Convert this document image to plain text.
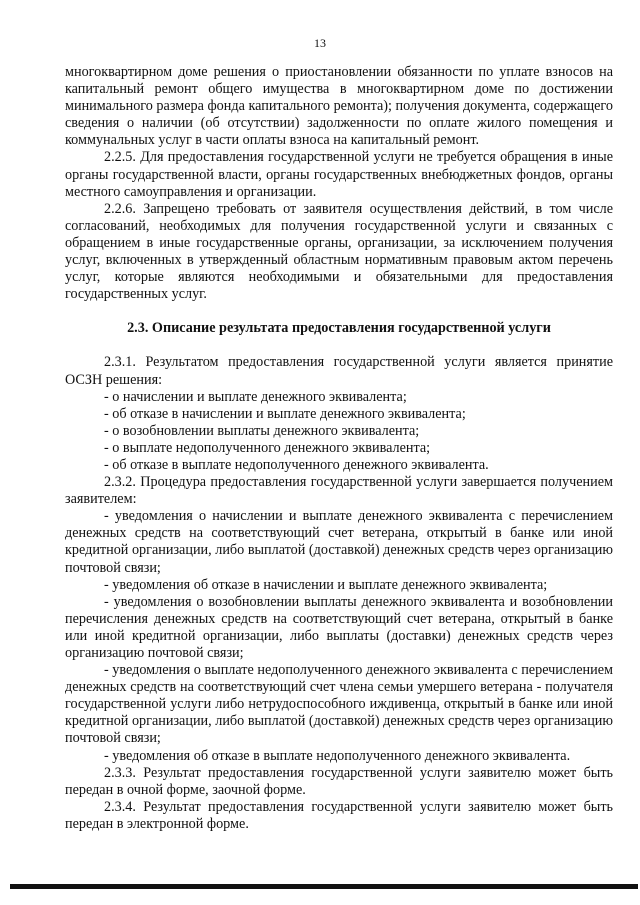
13

многоквартирном доме решения о приостановлении обязанности по уплате взносов на капитальный ремонт общего имущества в многоквартирном доме по достижении минимального размера фонда капитального ремонта); получения документа, содержащего сведения о наличии (об отсутствии) задолженности по оплате жилого помещения и коммунальных услуг в части оплаты взноса на капитальный ремонт.

2.2.5. Для предоставления государственной услуги не требуется обращения в иные органы государственной власти, органы государственных внебюджетных фондов, органы местного самоуправления и организации.

2.2.6. Запрещено требовать от заявителя осуществления действий, в том числе согласований, необходимых для получения государственной услуги и связанных с обращением в иные государственные органы, организации, за исключением получения услуг, включенных в утвержденный областным нормативным правовым актом перечень услуг, которые являются необходимыми и обязательными для предоставления государственных услуг.

2.3. Описание результата предоставления государственной услуги

2.3.1. Результатом предоставления государственной услуги является принятие ОСЗН решения:

- о начислении и выплате денежного эквивалента;

- об отказе в начислении и выплате денежного эквивалента;

- о возобновлении выплаты денежного эквивалента;

- о выплате недополученного денежного эквивалента;

- об отказе в выплате недополученного денежного эквивалента.

2.3.2. Процедура предоставления государственной услуги завершается получением заявителем:

- уведомления о начислении и выплате денежного эквивалента с перечислением денежных средств на соответствующий счет ветерана, открытый в банке или иной кредитной организации, либо выплатой (доставкой) денежных средств через организацию почтовой связи;

- уведомления об отказе в начислении и выплате денежного эквивалента;

- уведомления о возобновлении выплаты денежного эквивалента и возобновлении перечисления денежных средств на соответствующий счет ветерана, открытый в банке или иной кредитной организации, либо выплаты (доставки) денежных средств через организацию почтовой связи;

- уведомления о выплате недополученного денежного эквивалента с перечислением денежных средств на соответствующий счет члена семьи умершего ветерана - получателя государственной услуги либо нетрудоспособного иждивенца, открытый в банке или иной кредитной организации, либо выплатой (доставкой) денежных средств через организацию почтовой связи;

- уведомления об отказе в выплате недополученного денежного эквивалента.

2.3.3. Результат предоставления государственной услуги заявителю может быть передан в очной форме, заочной форме.

2.3.4. Результат предоставления государственной услуги заявителю может быть передан в электронной форме.
